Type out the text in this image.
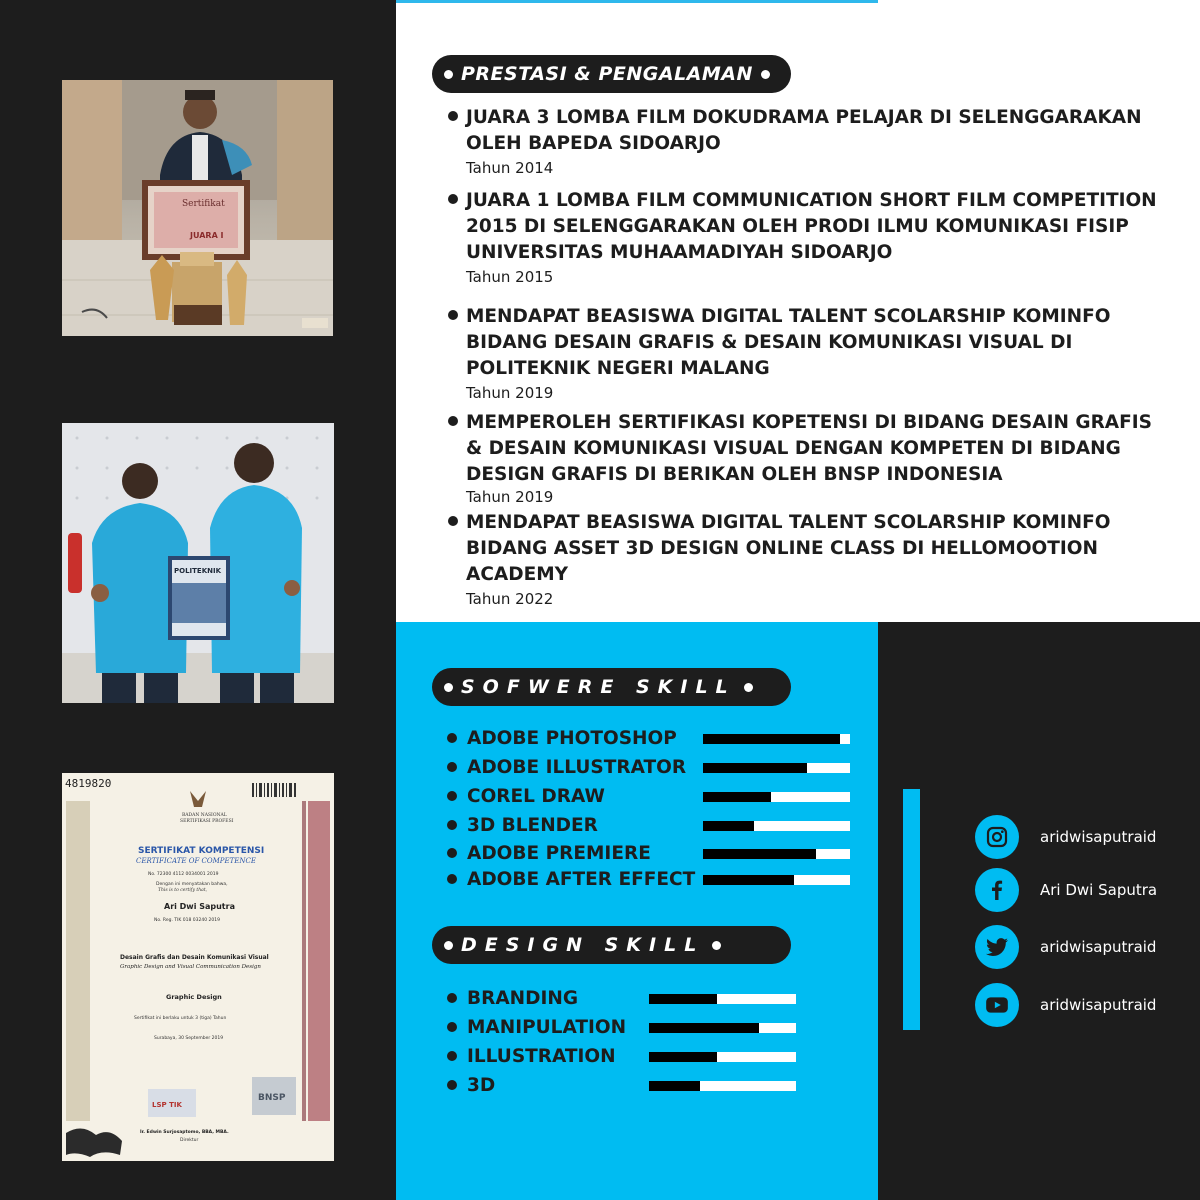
Sertifikat
JUARA I
POLITEKNIK
4819820
BADAN NASIONAL
SERTIFIKASI PROFESI
SERTIFIKAT KOMPETENSI
CERTIFICATE OF COMPETENCE
No. 72300 4112 0034001 2019
Dengan ini menyatakan bahwa,
This is to certify that,
Ari Dwi Saputra
No. Reg. TIK 018 03240 2019
Desain Grafis dan Desain Komunikasi Visual
Graphic Design and Visual Communication Design
Graphic Design
Sertifikat ini berlaku untuk 3 (tiga) Tahun
Surabaya, 30 September 2019
LSP TIK
BNSP
Ir. Edwin Surjosaptomo, BBA, MBA.
Direktur
PRESTASI & PENGALAMAN
JUARA 3 LOMBA FILM DOKUDRAMA PELAJAR DI SELENGGARAKAN OLEH BAPEDA SIDOARJO
Tahun 2014
JUARA 1 LOMBA FILM COMMUNICATION SHORT FILM COMPETITION 2015 DI SELENGGARAKAN OLEH PRODI ILMU KOMUNIKASI FISIP UNIVERSITAS MUHAAMADIYAH SIDOARJO
Tahun 2015
MENDAPAT BEASISWA DIGITAL TALENT SCOLARSHIP KOMINFO BIDANG DESAIN GRAFIS & DESAIN KOMUNIKASI VISUAL DI POLITEKNIK NEGERI MALANG
Tahun 2019
MEMPEROLEH SERTIFIKASI KOPETENSI DI BIDANG DESAIN GRAFIS & DESAIN KOMUNIKASI VISUAL DENGAN KOMPETEN DI BIDANG DESIGN GRAFIS DI BERIKAN OLEH BNSP INDONESIA
Tahun 2019
MENDAPAT BEASISWA DIGITAL TALENT SCOLARSHIP KOMINFO BIDANG ASSET 3D DESIGN ONLINE CLASS DI HELLOMOOTION ACADEMY
Tahun 2022
SOFWERE SKILL
ADOBE PHOTOSHOP
ADOBE ILLUSTRATOR
COREL DRAW
3D BLENDER
ADOBE PREMIERE
ADOBE AFTER EFFECT
DESIGN SKILL
BRANDING
MANIPULATION
ILLUSTRATION
3D
aridwisaputraid
Ari Dwi Saputra
aridwisaputraid
aridwisaputraid
